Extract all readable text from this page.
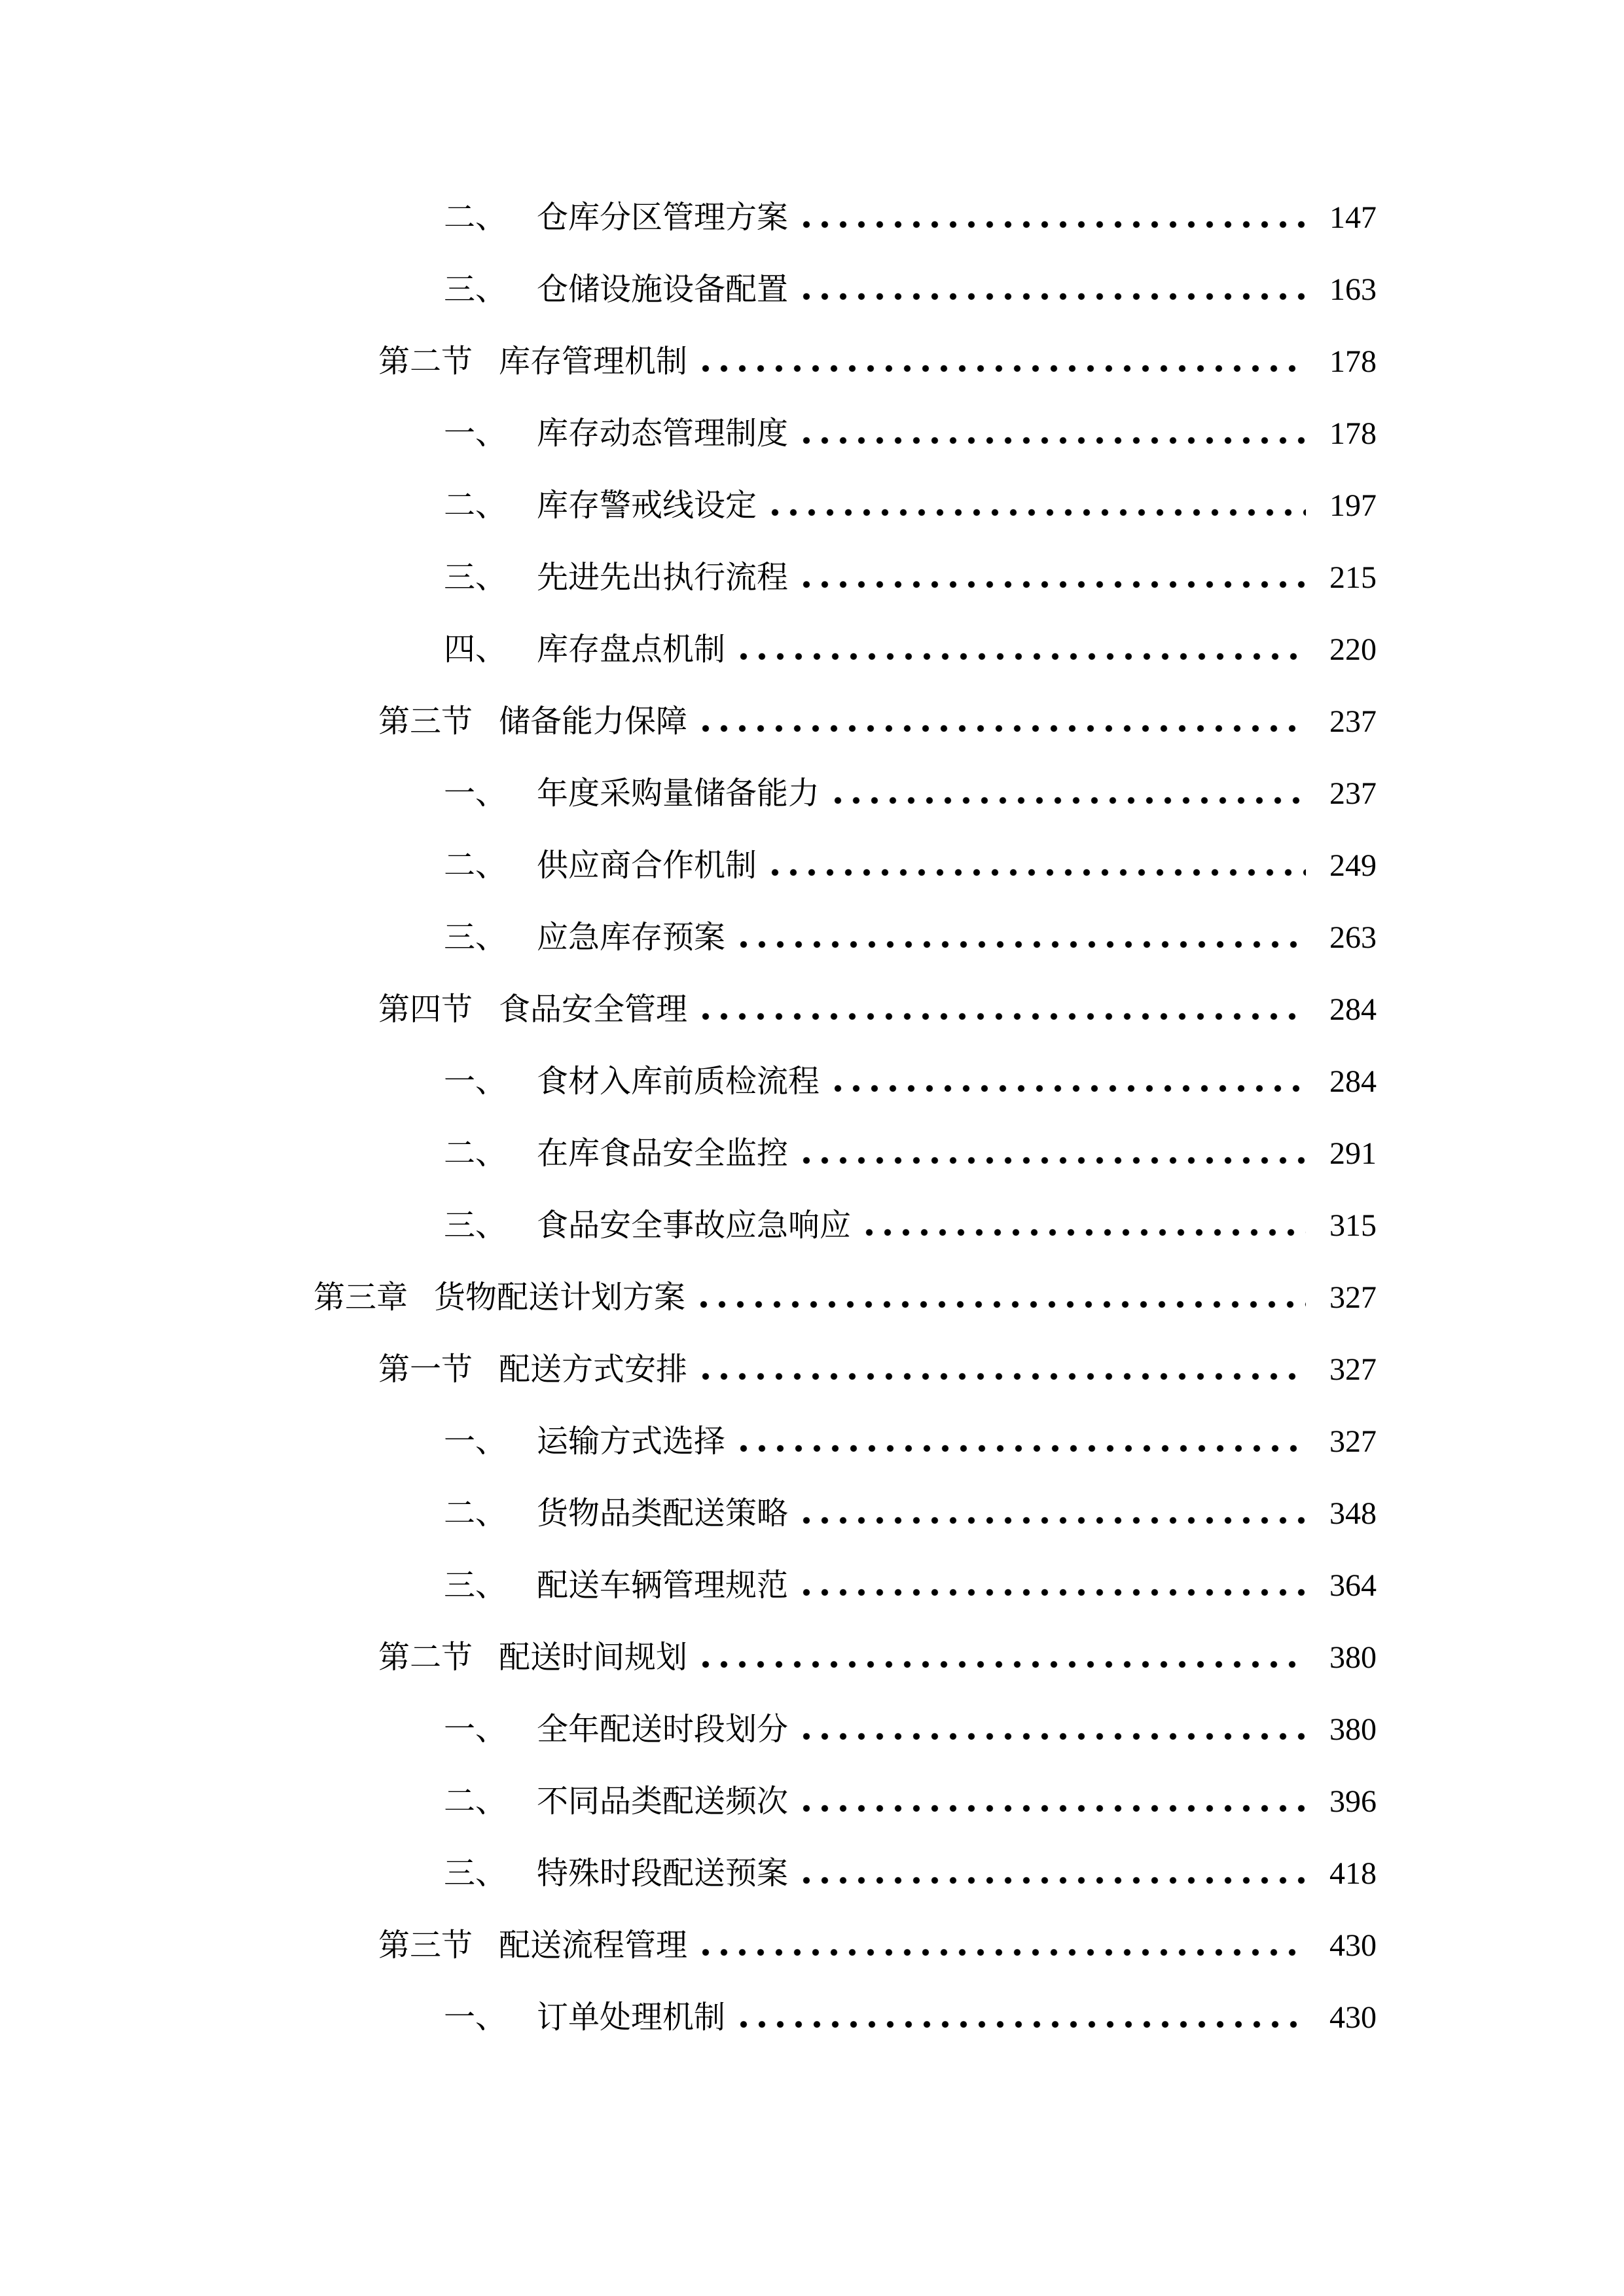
二、 仓库分区管理方案	147
三、 仓储设施设备配置	163
第二节 库存管理机制	178
一、 库存动态管理制度	178
二、 库存警戒线设定	197
三、 先进先出执行流程	215
四、 库存盘点机制	220
第三节 储备能力保障	237
一、 年度采购量储备能力	237
二、 供应商合作机制	249
三、 应急库存预案	263
第四节 食品安全管理	284
一、 食材入库前质检流程	284
二、 在库食品安全监控	291
三、 食品安全事故应急响应	315
第三章 货物配送计划方案	327
第一节 配送方式安排	327
一、 运输方式选择	327
二、 货物品类配送策略	348
三、 配送车辆管理规范	364
第二节 配送时间规划	380
一、 全年配送时段划分	380
二、 不同品类配送频次	396
三、 特殊时段配送预案	418
第三节 配送流程管理	430
一、 订单处理机制	430
